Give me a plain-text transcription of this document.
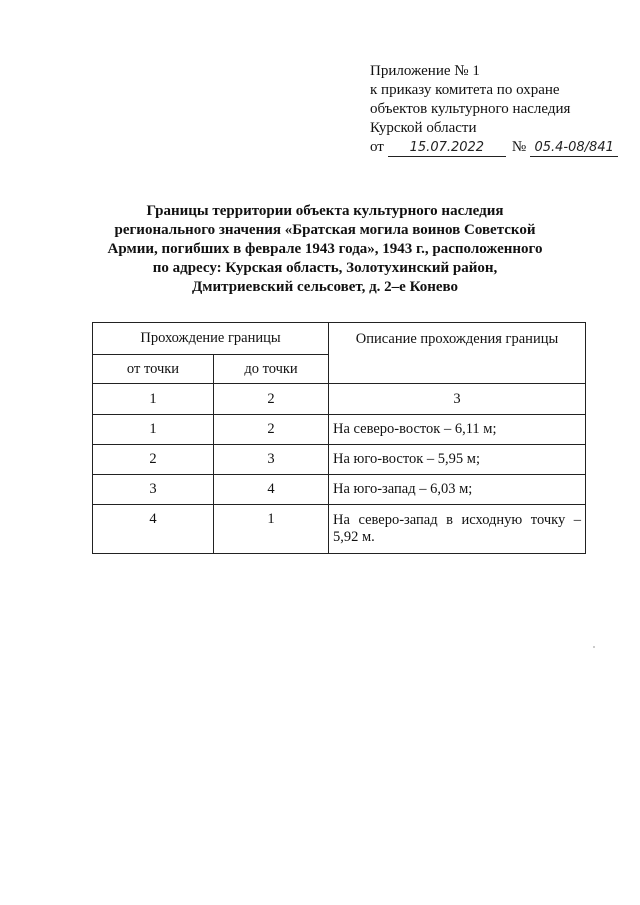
Приложение № 1
к приказу комитета по охране
объектов культурного наследия
Курской области
от 15.07.2022 № 05.4-08/841
Границы территории объекта культурного наследия
регионального значения «Братская могила воинов Советской
Армии, погибших в феврале 1943 года», 1943 г., расположенного
по адресу: Курская область, Золотухинский район,
Дмитриевский сельсовет, д. 2–е Конево
Прохождение границы		Описание прохождения границы
от точки	до точки	
1	2	3
1	2	На северо-восток – 6,11 м;
2	3	На юго-восток – 5,95 м;
3	4	На юго-запад – 6,03 м;
4	1	На северо-запад в исходную точку – 5,92 м.
